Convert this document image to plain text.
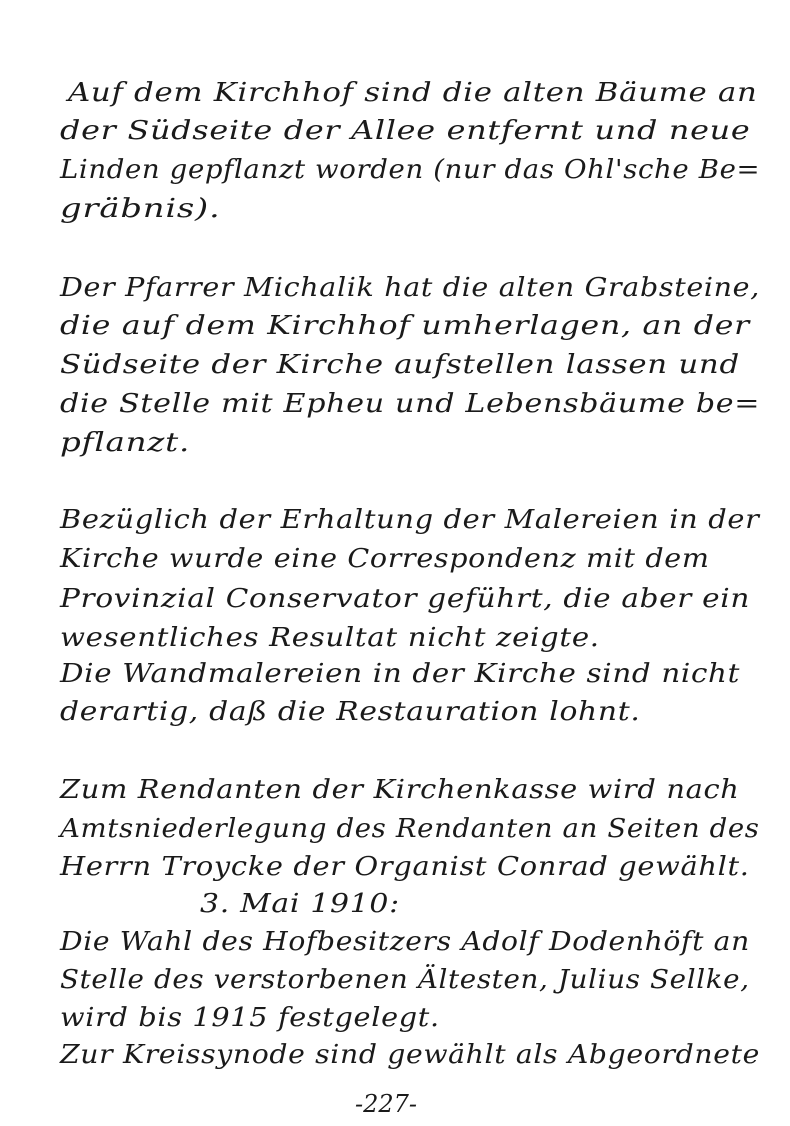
Auf dem Kirchhof sind die alten Bäume an
der Südseite der Allee entfernt und neue
Linden gepflanzt worden (nur das Ohl'sche Be=
gräbnis).
Der Pfarrer Michalik hat die alten Grabsteine,
die auf dem Kirchhof umherlagen, an der
Südseite der Kirche aufstellen lassen und
die Stelle mit Epheu und Lebensbäume be=
pflanzt.
Bezüglich der Erhaltung der Malereien in der
Kirche wurde eine Correspondenz mit dem
Provinzial Conservator geführt, die aber ein
wesentliches Resultat nicht zeigte.
Die Wandmalereien in der Kirche sind nicht
derartig, daß die Restauration lohnt.
Zum Rendanten der Kirchenkasse wird nach
Amtsniederlegung des Rendanten an Seiten des
Herrn Troycke der Organist Conrad gewählt.
3. Mai 1910:
Die Wahl des Hofbesitzers Adolf Dodenhöft an
Stelle des verstorbenen Ältesten, Julius Sellke,
wird bis 1915 festgelegt.
Zur Kreissynode sind gewählt als Abgeordnete
-227-
